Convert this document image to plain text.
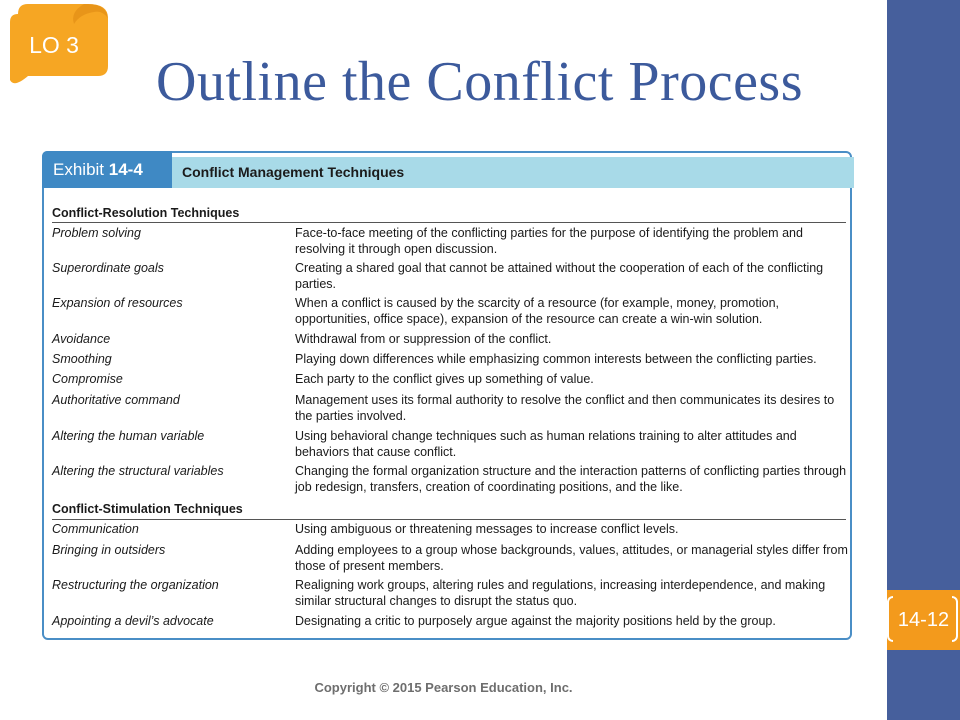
LO 3
Outline the Conflict Process
Exhibit 14-4	Conflict Management Techniques
Conflict-Resolution Techniques
Problem solving	Face-to-face meeting of the conflicting parties for the purpose of identifying the problem and resolving it through open discussion.
Superordinate goals	Creating a shared goal that cannot be attained without the cooperation of each of the conflicting parties.
Expansion of resources	When a conflict is caused by the scarcity of a resource (for example, money, promotion, opportunities, office space), expansion of the resource can create a win-win solution.
Avoidance	Withdrawal from or suppression of the conflict.
Smoothing	Playing down differences while emphasizing common interests between the conflicting parties.
Compromise	Each party to the conflict gives up something of value.
Authoritative command	Management uses its formal authority to resolve the conflict and then communicates its desires to the parties involved.
Altering the human variable	Using behavioral change techniques such as human relations training to alter attitudes and behaviors that cause conflict.
Altering the structural variables	Changing the formal organization structure and the interaction patterns of conflicting parties through job redesign, transfers, creation of coordinating positions, and the like.
Conflict-Stimulation Techniques
Communication	Using ambiguous or threatening messages to increase conflict levels.
Bringing in outsiders	Adding employees to a group whose backgrounds, values, attitudes, or managerial styles differ from those of present members.
Restructuring the organization	Realigning work groups, altering rules and regulations, increasing interdependence, and making similar structural changes to disrupt the status quo.
Appointing a devil’s advocate	Designating a critic to purposely argue against the majority positions held by the group.	14-12
Copyright © 2015 Pearson Education, Inc.
